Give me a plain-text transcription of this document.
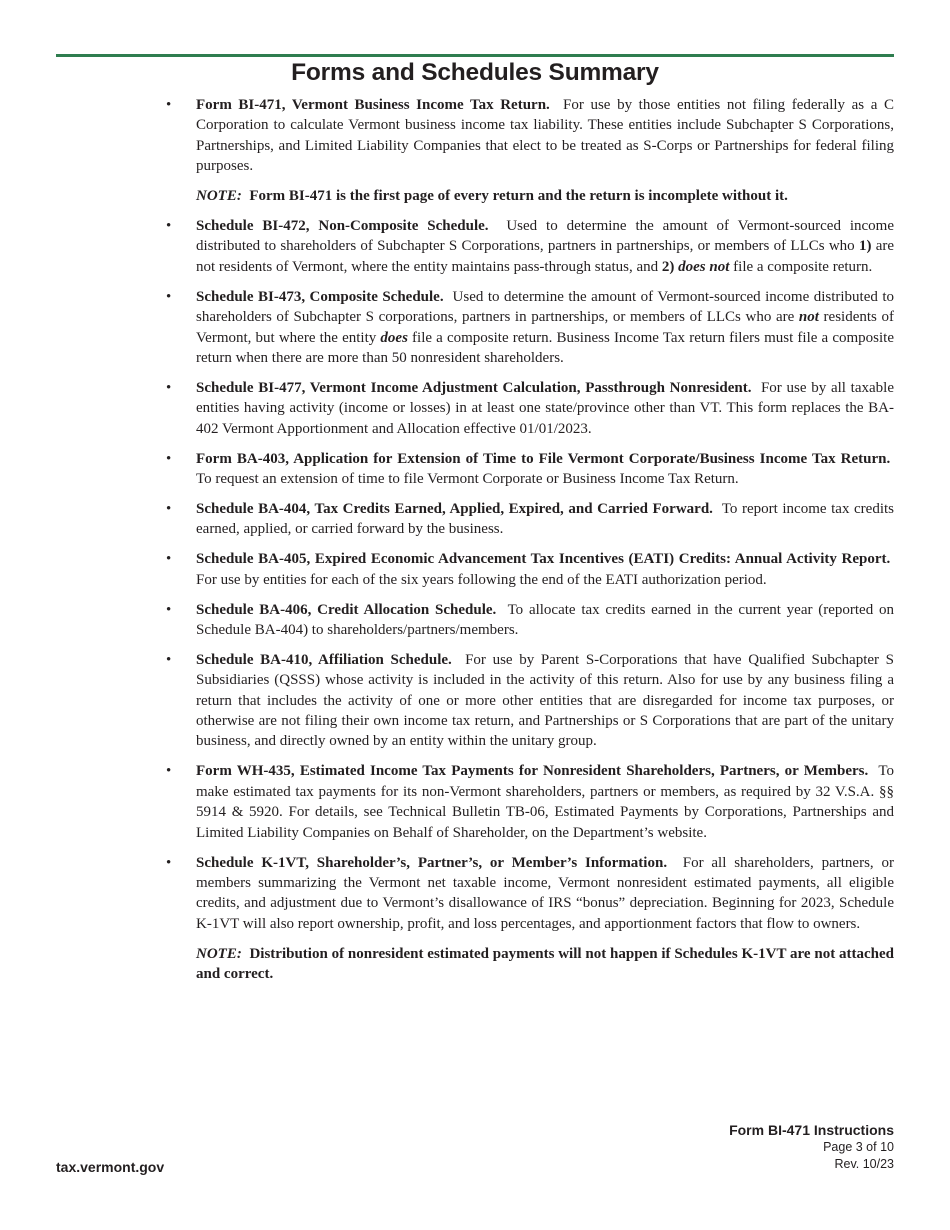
Forms and Schedules Summary
• Form BI-471, Vermont Business Income Tax Return. For use by those entities not filing federally as a C Corporation to calculate Vermont business income tax liability. These entities include Subchapter S Corporations, Partnerships, and Limited Liability Companies that elect to be treated as S-Corps or Partnerships for federal filing purposes.
NOTE: Form BI-471 is the first page of every return and the return is incomplete without it.
• Schedule BI-472, Non-Composite Schedule. Used to determine the amount of Vermont-sourced income distributed to shareholders of Subchapter S Corporations, partners in partnerships, or members of LLCs who 1) are not residents of Vermont, where the entity maintains pass-through status, and 2) does not file a composite return.
• Schedule BI-473, Composite Schedule. Used to determine the amount of Vermont-sourced income distributed to shareholders of Subchapter S corporations, partners in partnerships, or members of LLCs who are not residents of Vermont, but where the entity does file a composite return. Business Income Tax return filers must file a composite return when there are more than 50 nonresident shareholders.
• Schedule BI-477, Vermont Income Adjustment Calculation, Passthrough Nonresident. For use by all taxable entities having activity (income or losses) in at least one state/province other than VT. This form replaces the BA-402 Vermont Apportionment and Allocation effective 01/01/2023.
• Form BA-403, Application for Extension of Time to File Vermont Corporate/Business Income Tax Return.  To request an extension of time to file Vermont Corporate or Business Income Tax Return.
• Schedule BA-404, Tax Credits Earned, Applied, Expired, and Carried Forward. To report income tax credits earned, applied, or carried forward by the business.
• Schedule BA-405, Expired Economic Advancement Tax Incentives (EATI) Credits: Annual Activity Report.  For use by entities for each of the six years following the end of the EATI authorization period.
• Schedule BA-406, Credit Allocation Schedule. To allocate tax credits earned in the current year (reported on Schedule BA-404) to shareholders/partners/members.
• Schedule BA-410, Affiliation Schedule. For use by Parent S-Corporations that have Qualified Subchapter S Subsidiaries (QSSS) whose activity is included in the activity of this return. Also for use by any business filing a return that includes the activity of one or more other entities that are disregarded for income tax purposes, or otherwise are not filing their own income tax return, and Partnerships or S Corporations that are part of the unitary business, and directly owned by an entity within the unitary group.
• Form WH-435, Estimated Income Tax Payments for Nonresident Shareholders, Partners, or Members. To make estimated tax payments for its non-Vermont shareholders, partners or members, as required by 32 V.S.A. §§ 5914 & 5920. For details, see Technical Bulletin TB-06, Estimated Payments by Corporations, Partnerships and Limited Liability Companies on Behalf of Shareholder, on the Department’s website.
• Schedule K-1VT, Shareholder’s, Partner’s, or Member’s Information. For all shareholders, partners, or members summarizing the Vermont net taxable income, Vermont nonresident estimated payments, all eligible credits, and adjustment due to Vermont’s disallowance of IRS “bonus” depreciation. Beginning for 2023, Schedule K-1VT will also report ownership, profit, and loss percentages, and apportionment factors that flow to owners.
NOTE: Distribution of nonresident estimated payments will not happen if Schedules K-1VT are not attached and correct.
Form BI-471 Instructions
Page 3 of 10
Rev. 10/23
tax.vermont.gov
